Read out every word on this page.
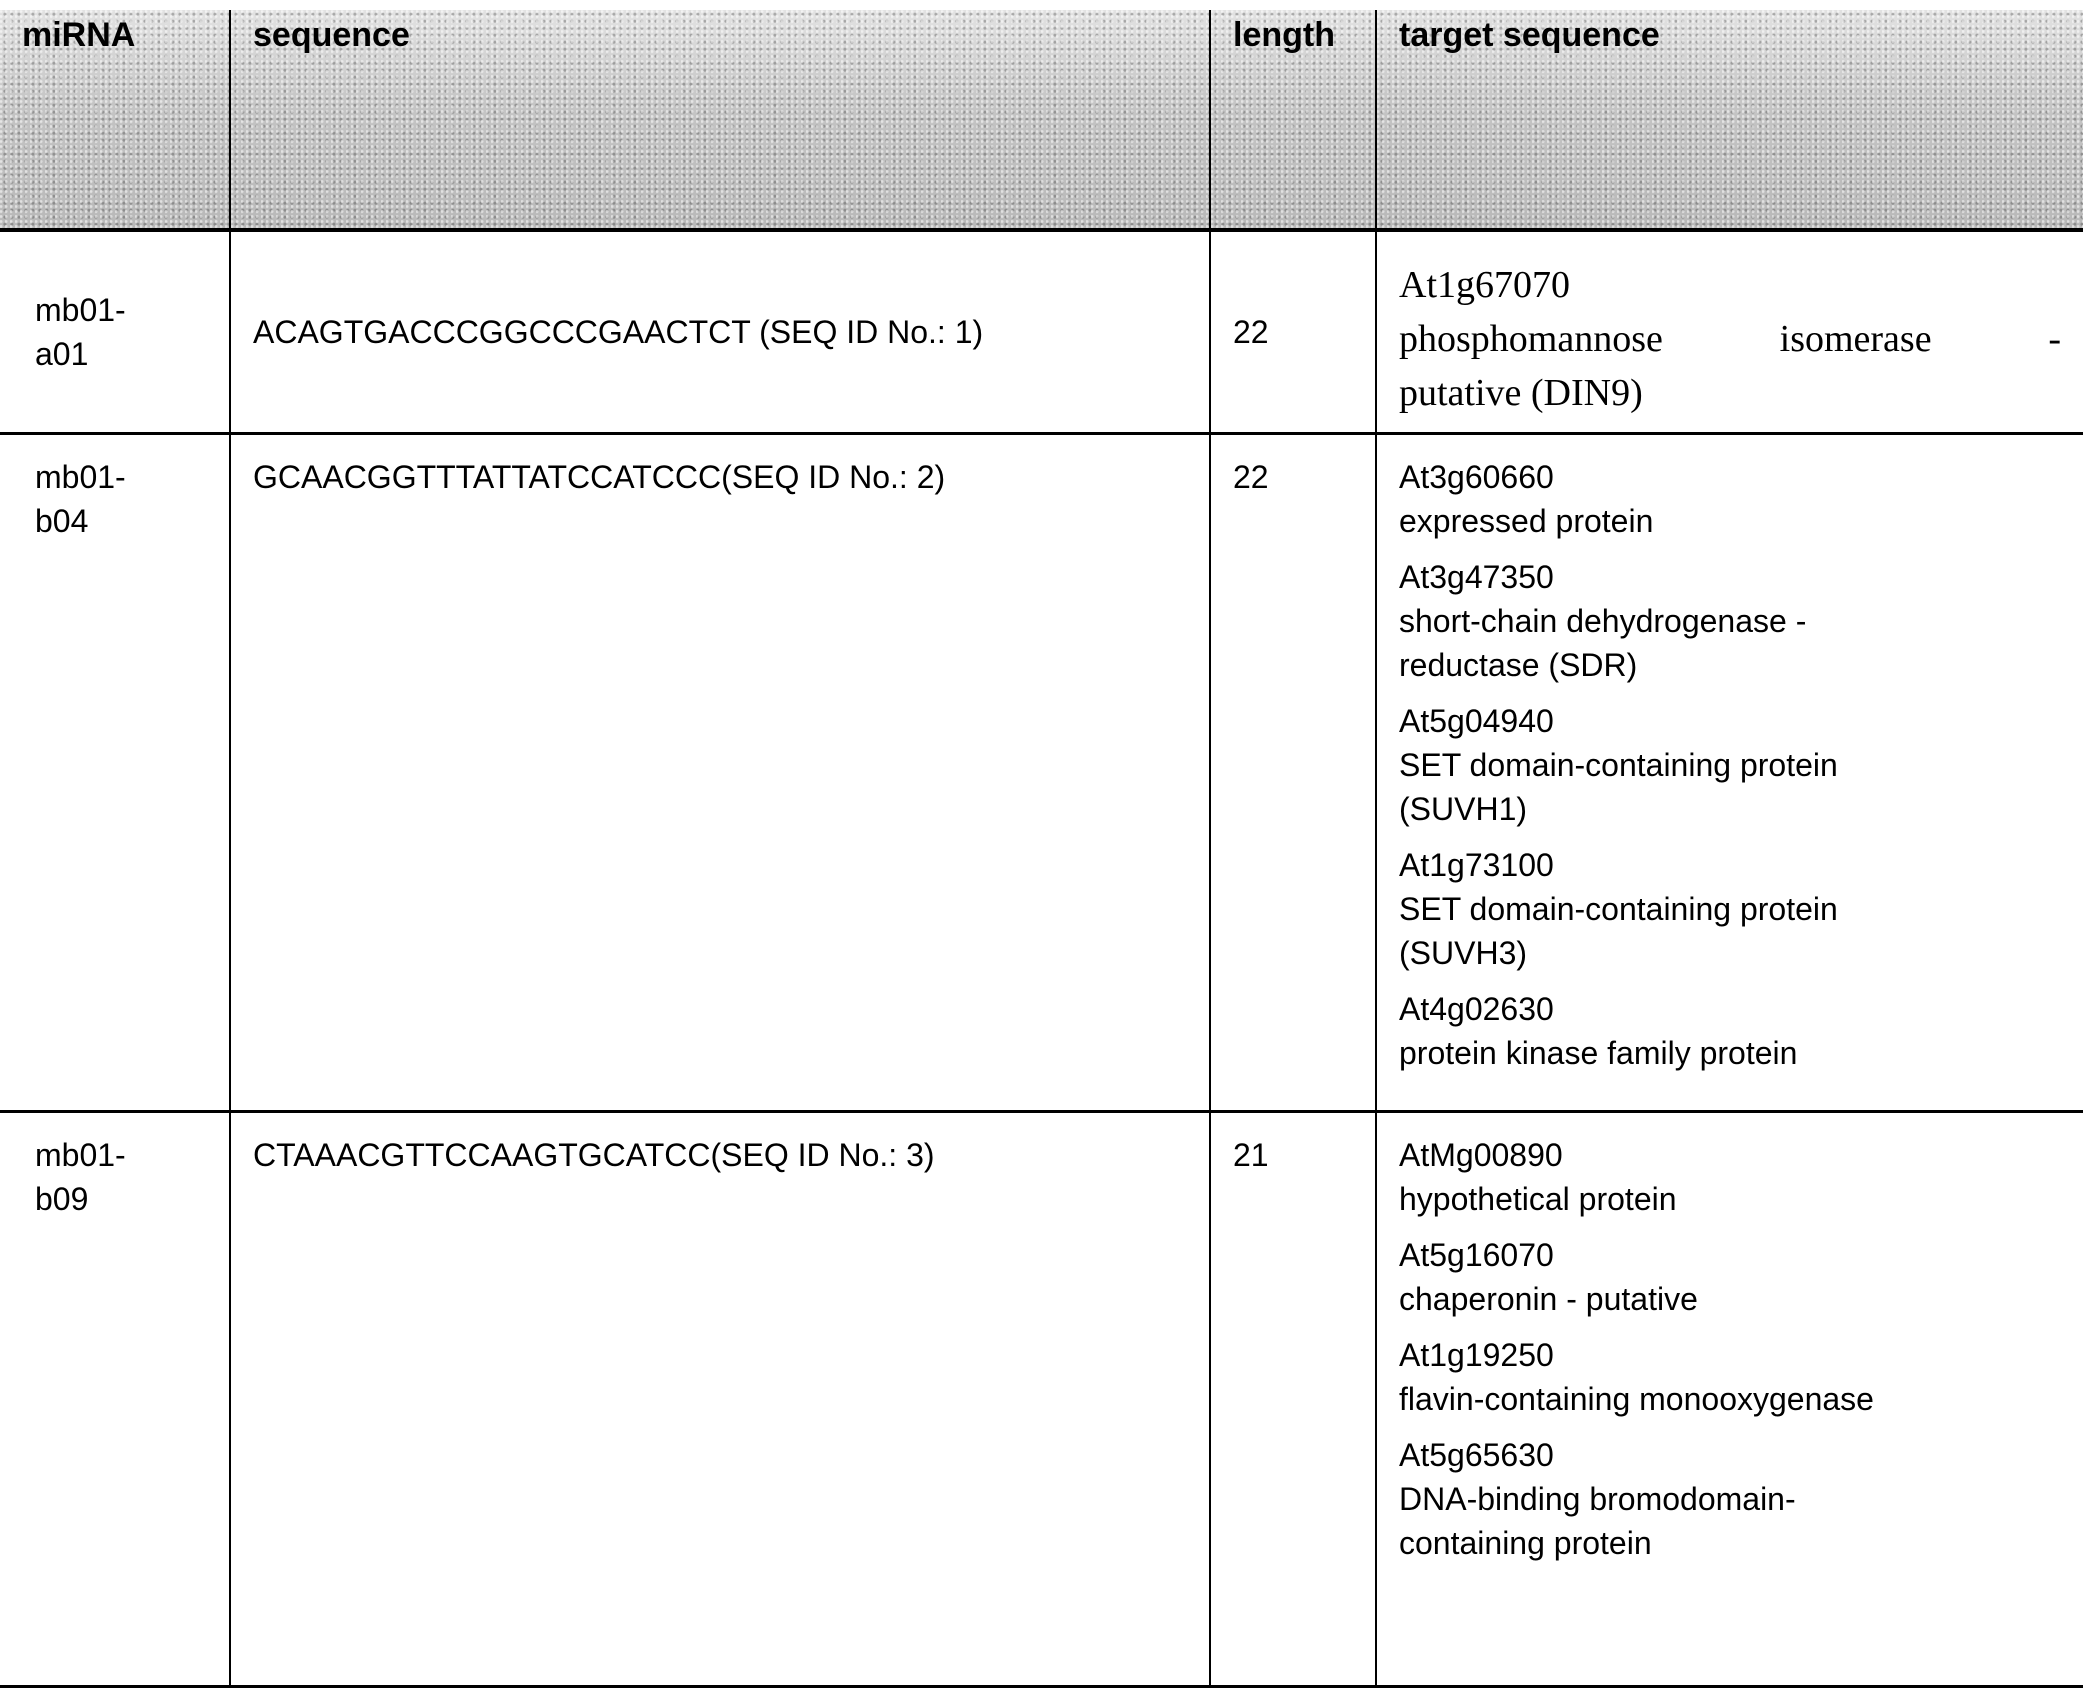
miRNA	sequence	length	target sequence

mb01-
a01
	ACAGTGACCCGGCCCGAACTCT (SEQ ID No.: 1)	22	
At1g67070
phosphomannose isomerase -
putative (DIN9)

mb01-
b04
	GCAACGGTTTATTATCCATCCC(SEQ ID No.: 2)	22	At3g60660
expressed protein
At3g47350
short-chain dehydrogenase -
reductase (SDR)
At5g04940
SET domain-containing protein
(SUVH1)
At1g73100
SET domain-containing protein
(SUVH3)
At4g02630
protein kinase family protein

mb01-
b09
	CTAAACGTTCCAAGTGCATCC(SEQ ID No.: 3)	21	AtMg00890
hypothetical protein
At5g16070
chaperonin - putative
At1g19250
flavin-containing monooxygenase
At5g65630
DNA-binding bromodomain-
containing protein
